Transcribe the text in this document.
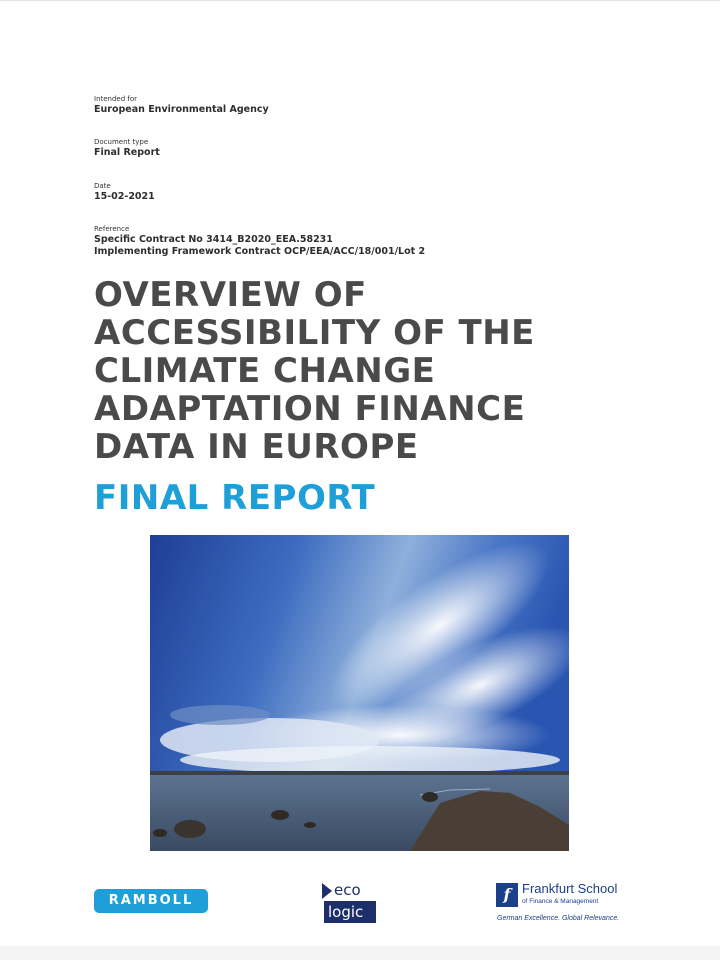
Intended for
European Environmental Agency
Document type
Final Report
Date
15-02-2021
Reference
Specific Contract No 3414_B2020_EEA.58231
Implementing Framework Contract OCP/EEA/ACC/18/001/Lot 2
OVERVIEW OF
ACCESSIBILITY OF THE
CLIMATE CHANGE
ADAPTATION FINANCE
DATA IN EUROPE
FINAL REPORT
RAMBOLL
eco
logic
f Frankfurt School
of Finance & Management
German Excellence. Global Relevance.
